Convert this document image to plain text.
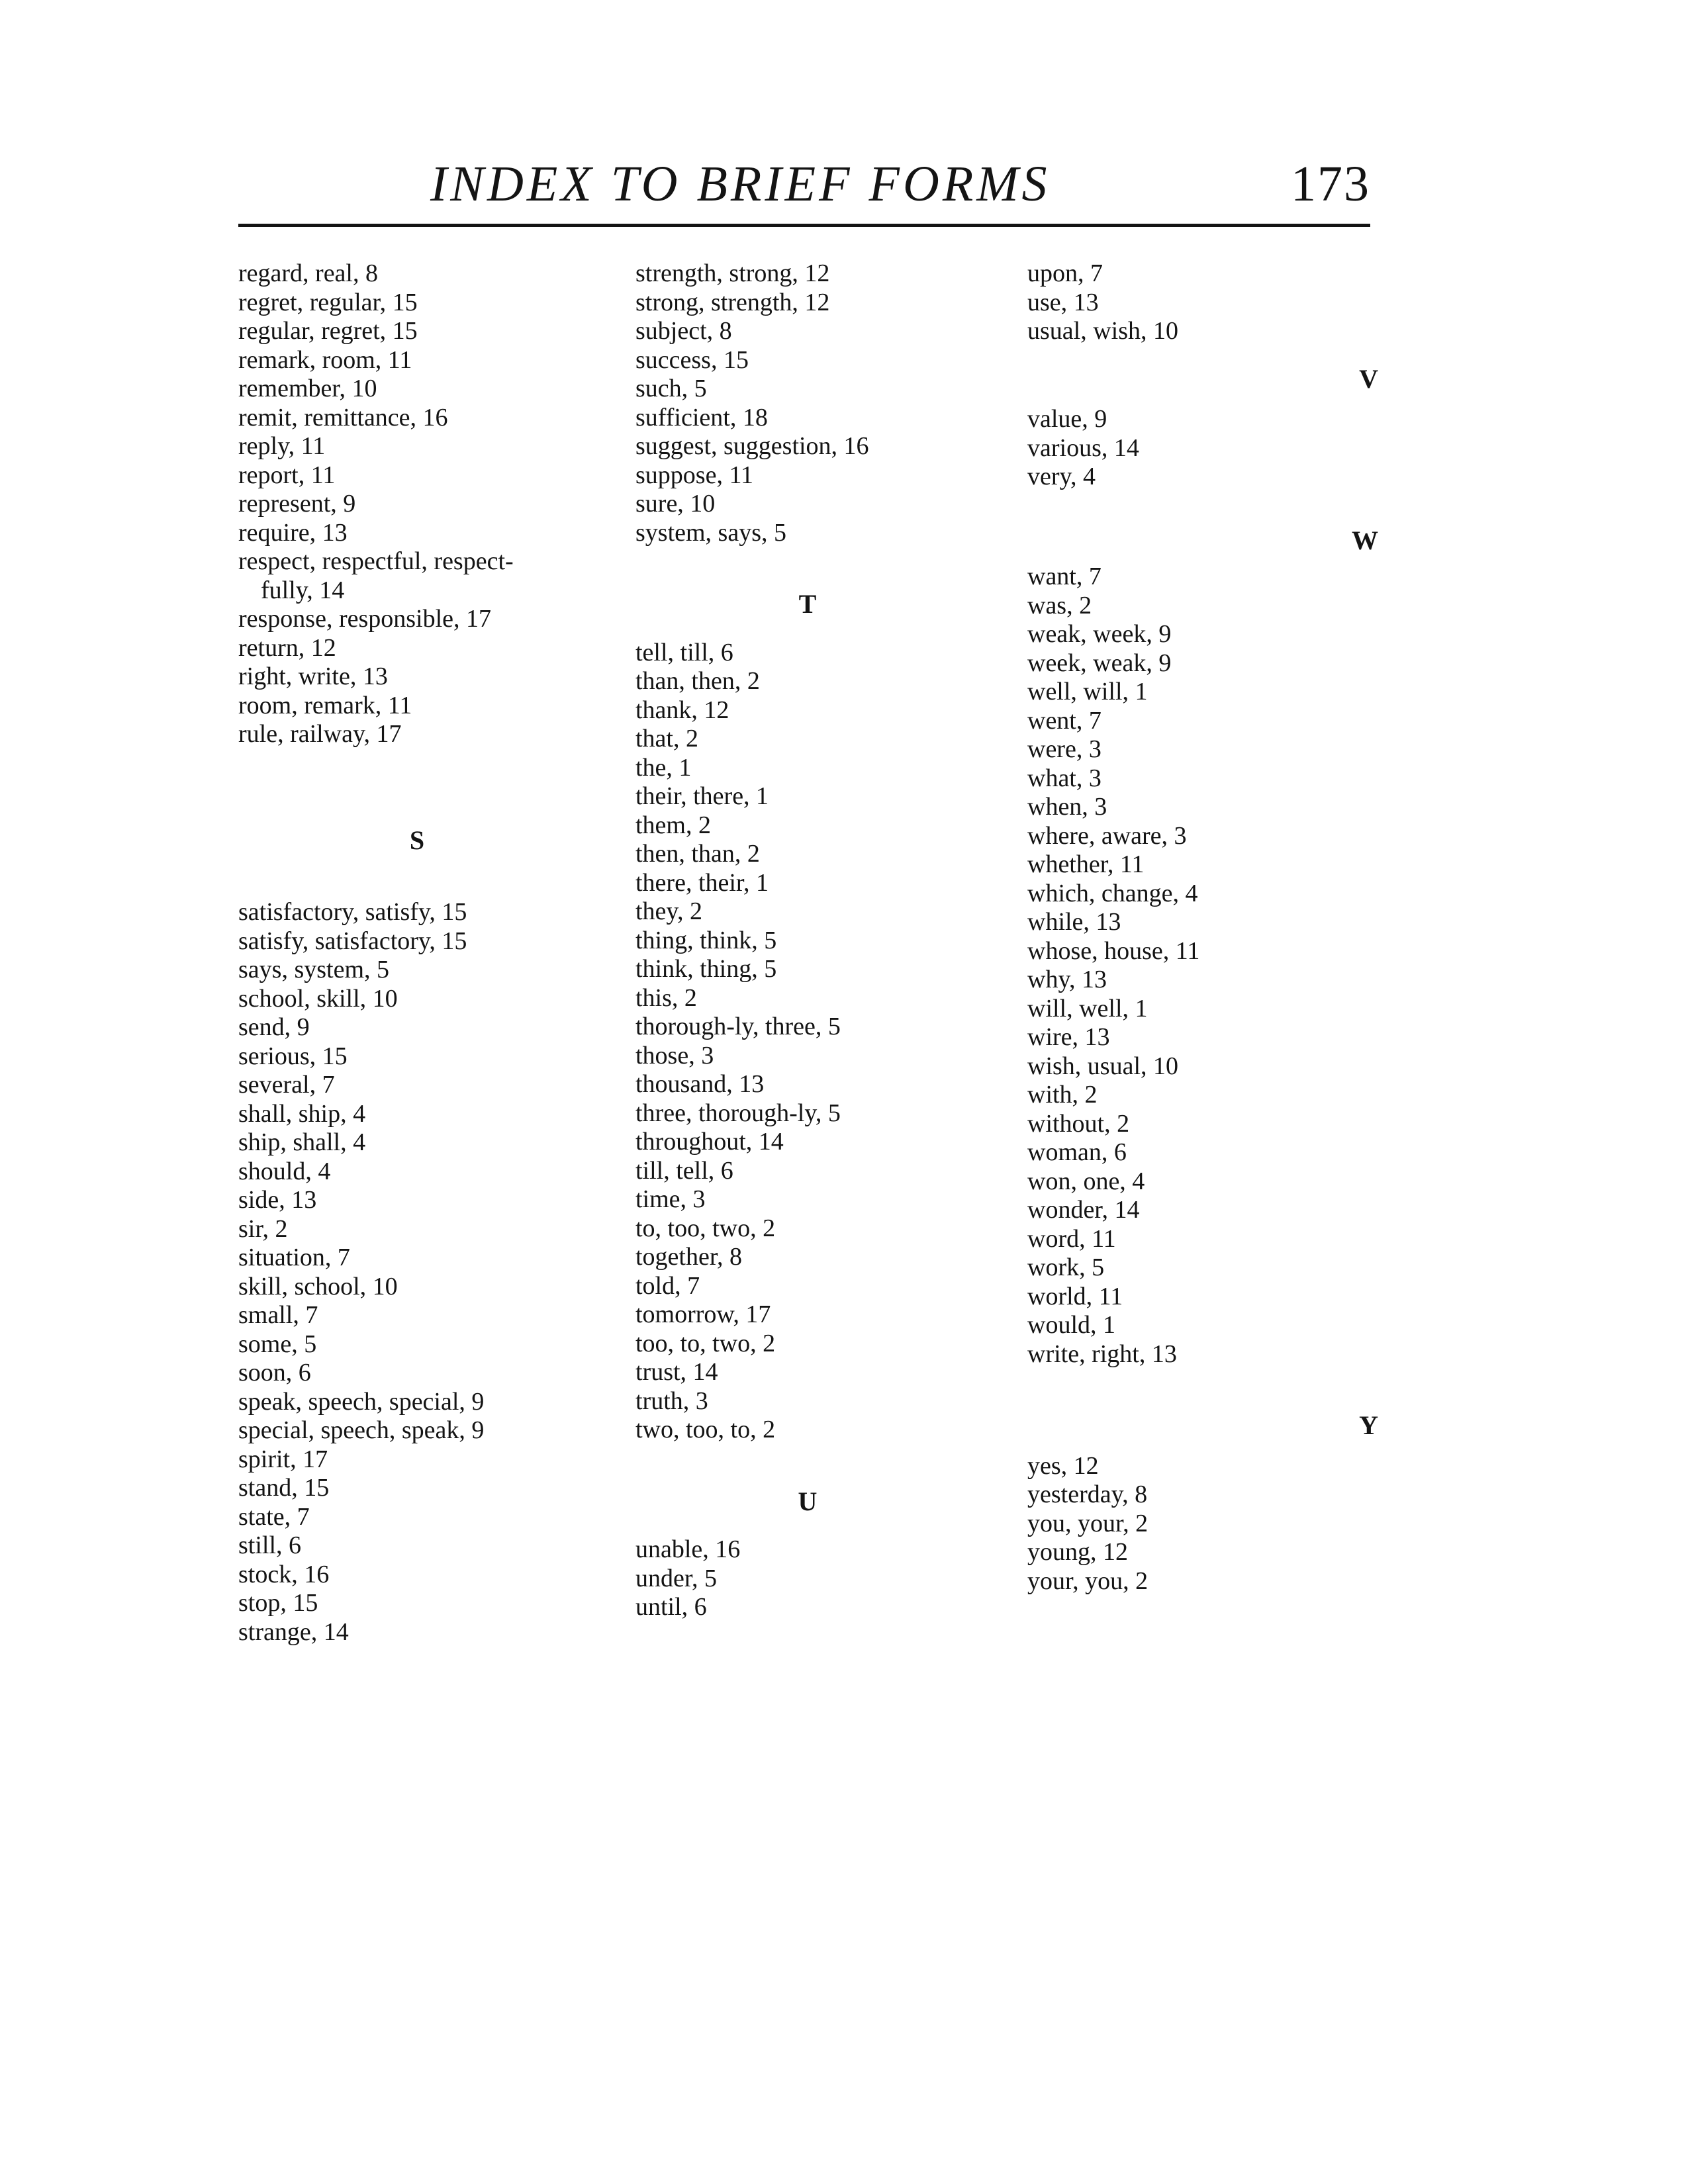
INDEX TO BRIEF FORMS	173
regard, real, 8
regret, regular, 15
regular, regret, 15
remark, room, 11
remember, 10
remit, remittance, 16
reply, 11
report, 11
represent, 9
require, 13
respect, respectful, respect-
fully, 14
response, responsible, 17
return, 12
right, write, 13
room, remark, 11
rule, railway, 17
S
satisfactory, satisfy, 15
satisfy, satisfactory, 15
says, system, 5
school, skill, 10
send, 9
serious, 15
several, 7
shall, ship, 4
ship, shall, 4
should, 4
side, 13
sir, 2
situation, 7
skill, school, 10
small, 7
some, 5
soon, 6
speak, speech, special, 9
special, speech, speak, 9
spirit, 17
stand, 15
state, 7
still, 6
stock, 16
stop, 15
strange, 14
strength, strong, 12
strong, strength, 12
subject, 8
success, 15
such, 5
sufficient, 18
suggest, suggestion, 16
suppose, 11
sure, 10
system, says, 5
T
tell, till, 6
than, then, 2
thank, 12
that, 2
the, 1
their, there, 1
them, 2
then, than, 2
there, their, 1
they, 2
thing, think, 5
think, thing, 5
this, 2
thorough-ly, three, 5
those, 3
thousand, 13
three, thorough-ly, 5
throughout, 14
till, tell, 6
time, 3
to, too, two, 2
together, 8
told, 7
tomorrow, 17
too, to, two, 2
trust, 14
truth, 3
two, too, to, 2
U
unable, 16
under, 5
until, 6
upon, 7
use, 13
usual, wish, 10
V
value, 9
various, 14
very, 4
W
want, 7
was, 2
weak, week, 9
week, weak, 9
well, will, 1
went, 7
were, 3
what, 3
when, 3
where, aware, 3
whether, 11
which, change, 4
while, 13
whose, house, 11
why, 13
will, well, 1
wire, 13
wish, usual, 10
with, 2
without, 2
woman, 6
won, one, 4
wonder, 14
word, 11
work, 5
world, 11
would, 1
write, right, 13
Y
yes, 12
yesterday, 8
you, your, 2
young, 12
your, you, 2
